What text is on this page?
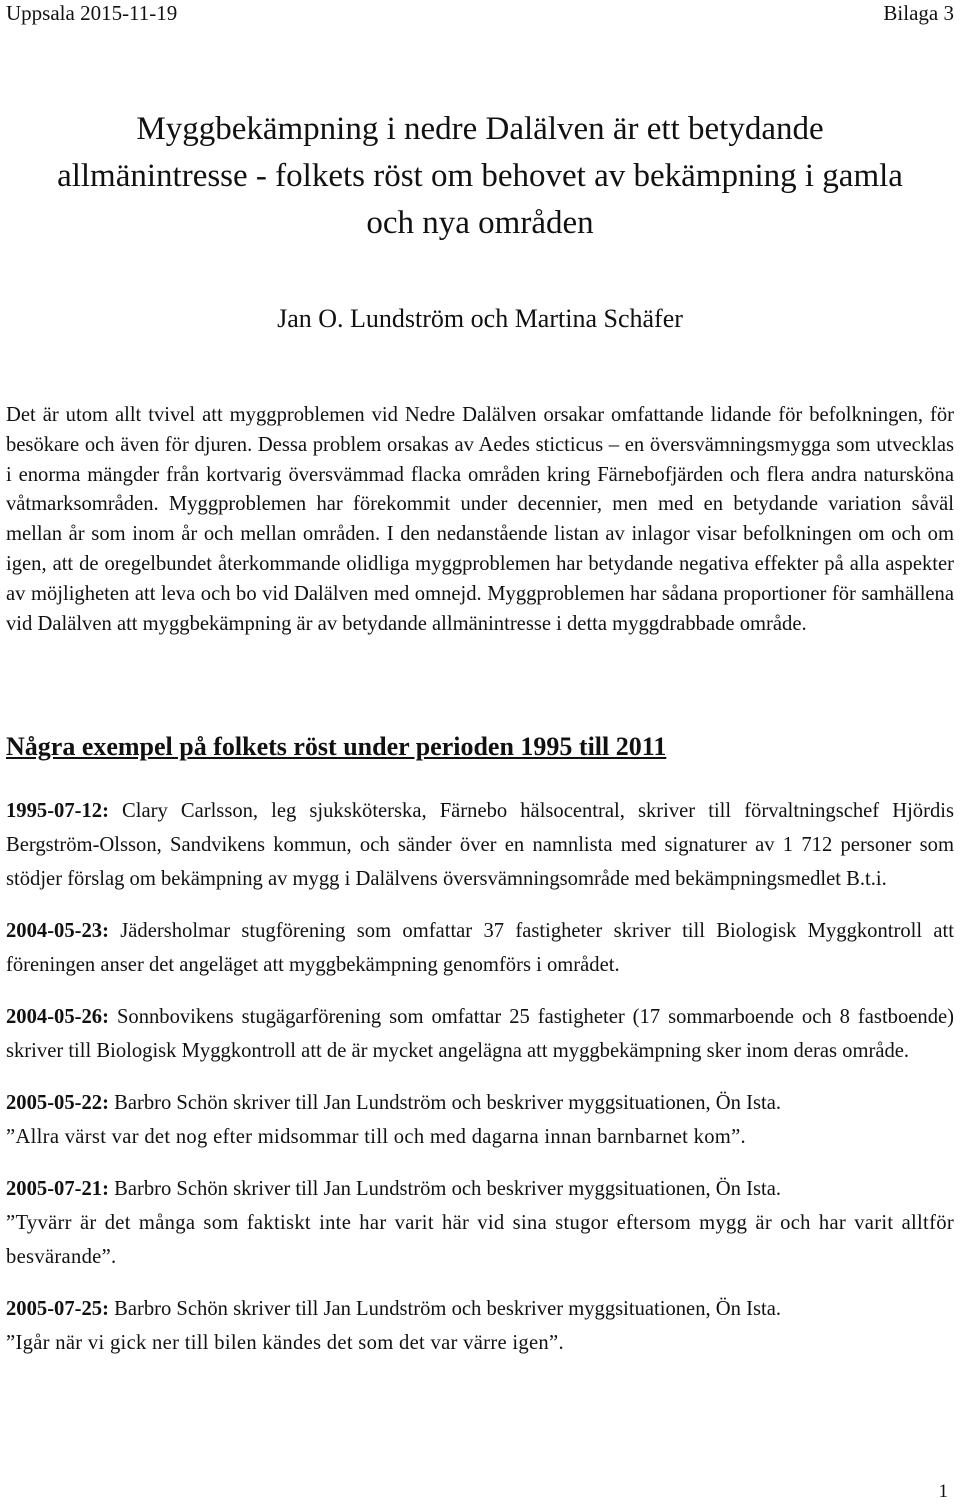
Uppsala 2015-11-19	Bilaga 3
Myggbekämpning i nedre Dalälven är ett betydande
allmänintresse - folkets röst om behovet av bekämpning i gamla
och nya områden
Jan O. Lundström och Martina Schäfer

Det är utom allt tvivel att myggproblemen vid Nedre Dalälven orsakar omfattande lidande för befolkningen, för besökare och även för djuren. Dessa problem orsakas av Aedes sticticus – en översvämningsmygga som utvecklas i enorma mängder från kortvarig översvämmad flacka områden kring Färnebofjärden och flera andra natursköna våtmarksområden. Myggproblemen har förekommit under decennier, men med en betydande variation såväl mellan år som inom år och mellan områden. I den nedanstående listan av inlagor visar befolkningen om och om igen, att de oregelbundet återkommande olidliga myggproblemen har betydande negativa effekter på alla aspekter av möjligheten att leva och bo vid Dalälven med omnejd. Myggproblemen har sådana proportioner för samhällena vid Dalälven att myggbekämpning är av betydande allmänintresse i detta myggdrabbade område.

Några exempel på folkets röst under perioden 1995 till 2011
1995-07-12: Clary Carlsson, leg sjuksköterska, Färnebo hälsocentral, skriver till förvaltningschef Hjördis Bergström-Olsson, Sandvikens kommun, och sänder över en namnlista med signaturer av 1 712 personer som stödjer förslag om bekämpning av mygg i Dalälvens översvämningsområde med bekämpningsmedlet B.t.i.
2004-05-23: Jädersholmar stugförening som omfattar 37 fastigheter skriver till Biologisk Myggkontroll att föreningen anser det angeläget att myggbekämpning genomförs i området.
2004-05-26: Sonnbovikens stugägarförening som omfattar 25 fastigheter (17 sommarboende och 8 fastboende) skriver till Biologisk Myggkontroll att de är mycket angelägna att myggbekämpning sker inom deras område.
2005-05-22: Barbro Schön skriver till Jan Lundström och beskriver myggsituationen, Ön Ista.
”Allra värst var det nog efter midsommar till och med dagarna innan barnbarnet kom”.
2005-07-21: Barbro Schön skriver till Jan Lundström och beskriver myggsituationen, Ön Ista.
”Tyvärr är det många som faktiskt inte har varit här vid sina stugor eftersom mygg är och har varit alltför besvärande”.
2005-07-25: Barbro Schön skriver till Jan Lundström och beskriver myggsituationen, Ön Ista.
”Igår när vi gick ner till bilen kändes det som det var värre igen”.
1
